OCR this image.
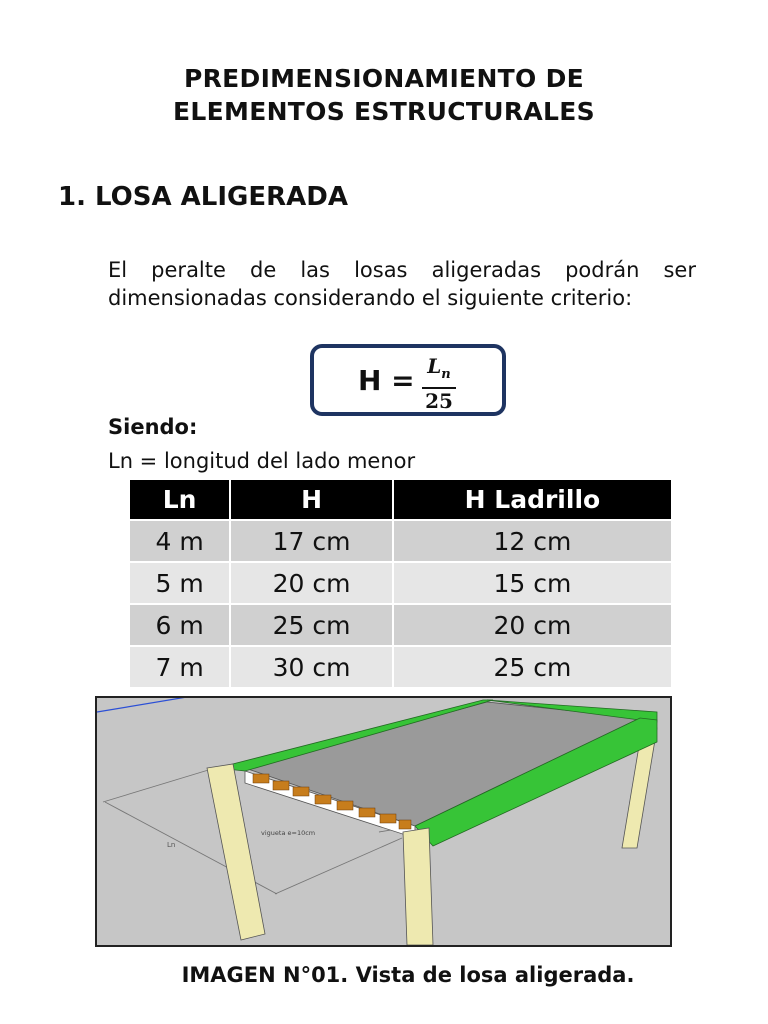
PREDIMENSIONAMIENTO DE
ELEMENTOS ESTRUCTURALES
1. LOSA ALIGERADA
El peralte de las losas aligeradas podrán ser dimensionadas considerando el siguiente criterio:
$H = \frac{L_n}{25}$
Siendo:
Ln = longitud del lado menor
Ln	H	H Ladrillo
4 m	17 cm	12 cm
5 m	20 cm	15 cm
6 m	25 cm	20 cm
7 m	30 cm	25 cm
Ln
vigueta e=10cm
IMAGEN N°01. Vista de losa aligerada.
